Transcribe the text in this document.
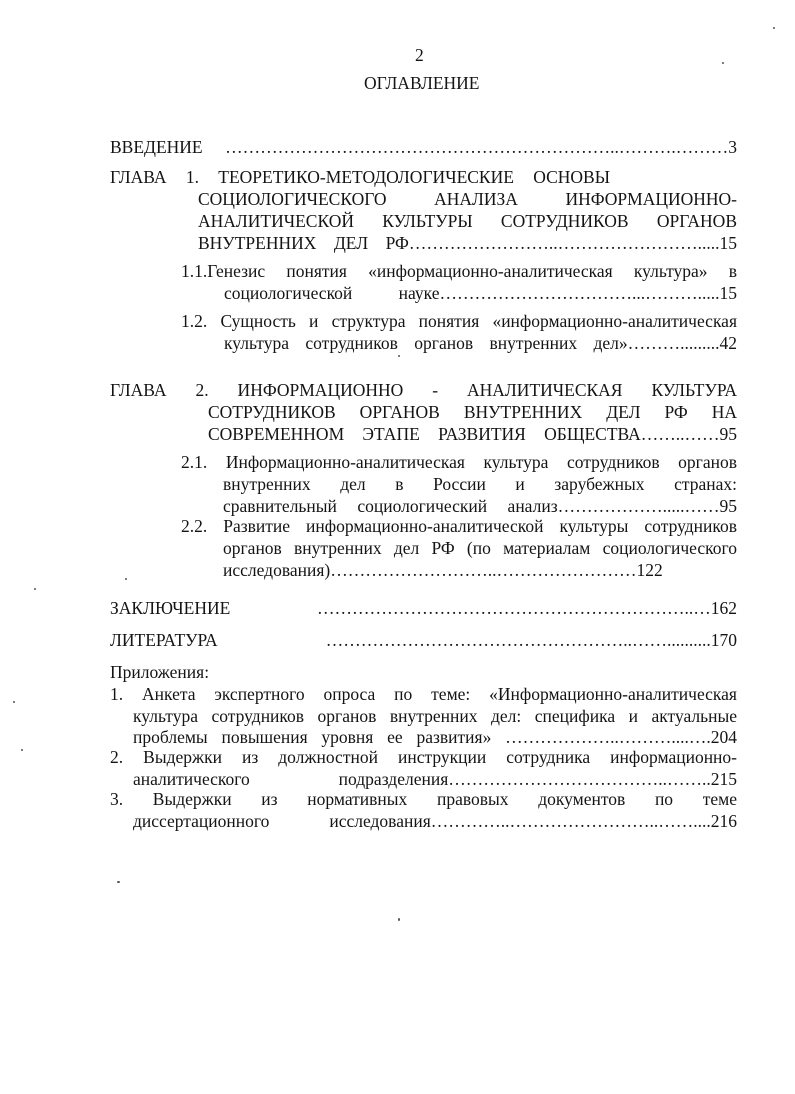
2
ОГЛАВЛЕНИЕ
ВВЕДЕНИЕ …………………………………………………………..……….………3
ГЛАВА 1. ТЕОРЕТИКО-МЕТОДОЛОГИЧЕСКИЕ ОСНОВЫ
СОЦИОЛОГИЧЕСКОГО АНАЛИЗА ИНФОРМАЦИОННО-
АНАЛИТИЧЕСКОЙ КУЛЬТУРЫ СОТРУДНИКОВ ОРГАНОВ
ВНУТРЕННИХ ДЕЛ РФ……………………..…………………….....15
1.1.Генезис понятия «информационно-аналитическая культура» в
социологической науке……………………………...……….....15
1.2. Сущность и структура понятия «информационно-аналитическая
культура сотрудников органов внутренних дел»……….........42
ГЛАВА 2. ИНФОРМАЦИОННО - АНАЛИТИЧЕСКАЯ КУЛЬТУРА
СОТРУДНИКОВ ОРГАНОВ ВНУТРЕННИХ ДЕЛ РФ НА
СОВРЕМЕННОМ ЭТАПЕ РАЗВИТИЯ ОБЩЕСТВА……..……95
2.1. Информационно-аналитическая культура сотрудников органов
внутренних дел в России и зарубежных странах:
сравнительный социологический анализ……………….....……95
2.2. Развитие информационно-аналитической культуры сотрудников
органов внутренних дел РФ (по материалам социологического
исследования)………………………..……………………122
ЗАКЛЮЧЕНИЕ ………………………………………………………..…162
ЛИТЕРАТУРА ……………………………………………..……..........170
Приложения:
1. Анкета экспертного опроса по теме: «Информационно-аналитическая
культура сотрудников органов внутренних дел: специфика и актуальные
проблемы повышения уровня ее развития» ………………..………....….204
2. Выдержки из должностной инструкции сотрудника информационно-
аналитического подразделения………………………………..……..215
3. Выдержки из нормативных правовых документов по теме
диссертационного исследования…………..……………………..……....216
